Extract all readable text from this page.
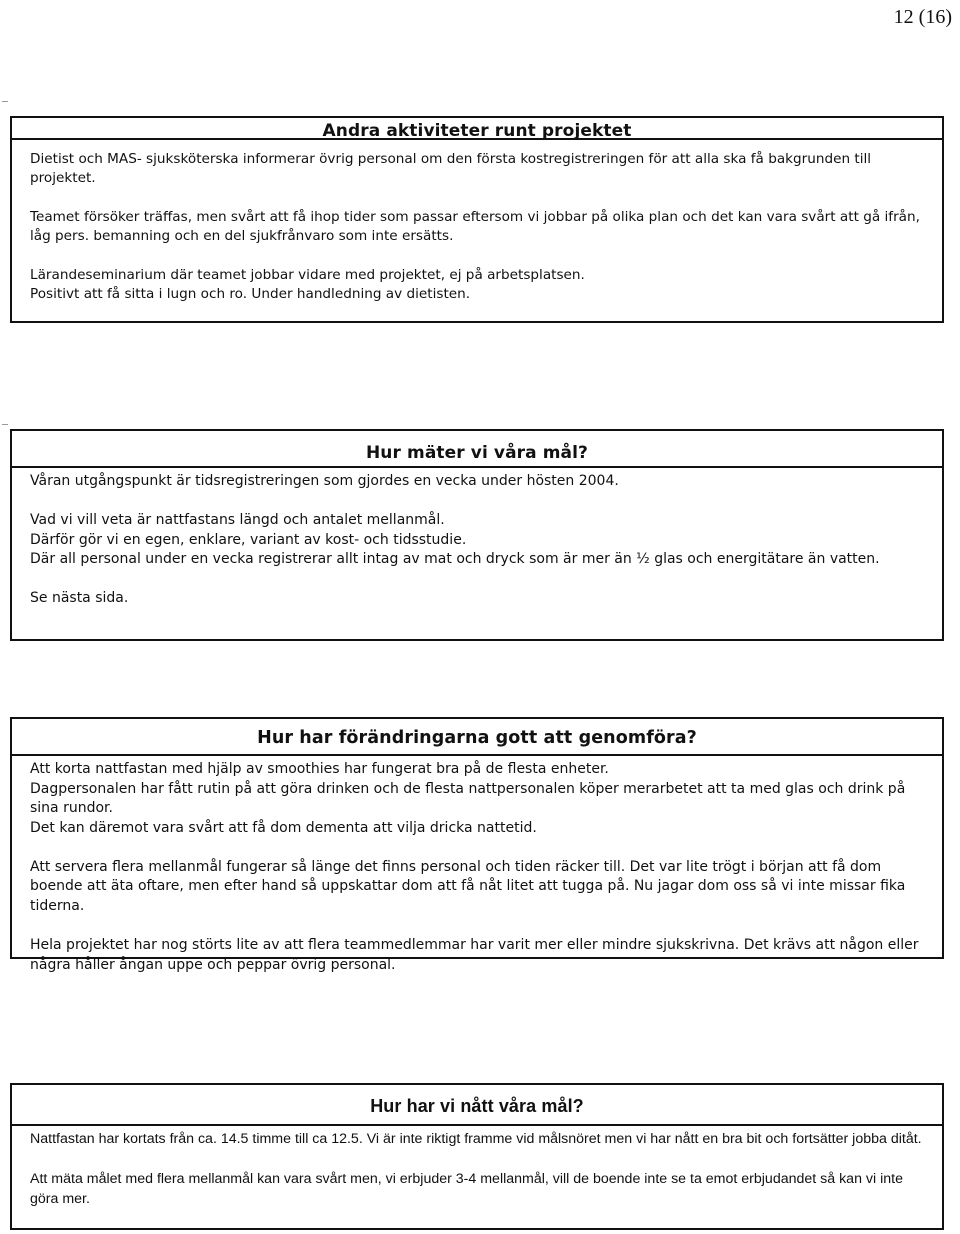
12 (16)
Andra aktiviteter runt projektet

Dietist och MAS- sjuksköterska informerar övrig personal om den första kostregistreringen för att alla ska få bakgrunden till projektet.

Teamet försöker träffas, men svårt att få ihop tider som passar eftersom vi jobbar på olika plan och det kan vara svårt att gå ifrån, låg pers. bemanning och en del sjukfrånvaro som inte ersätts.

Lärandeseminarium där teamet jobbar vidare med projektet, ej på arbetsplatsen.
Positivt att få sitta i lugn och ro. Under handledning av dietisten.

Hur mäter vi våra mål?

Våran utgångspunkt är tidsregistreringen som gjordes en vecka under hösten 2004.

Vad vi vill veta är nattfastans längd och antalet mellanmål.
Därför gör vi en egen, enklare, variant av kost- och tidsstudie.
Där all personal under en vecka registrerar allt intag av mat och dryck som är mer än ½ glas och energitätare än vatten.

Se nästa sida.

Hur har förändringarna gott att genomföra?

Att korta nattfastan med hjälp av smoothies har fungerat bra på de flesta enheter.
Dagpersonalen har fått rutin på att göra drinken och de flesta nattpersonalen köper merarbetet att ta med glas och drink på sina rundor.
Det kan däremot vara svårt att få dom dementa att vilja dricka nattetid.

Att servera flera mellanmål fungerar så länge det finns personal och tiden räcker till. Det var lite trögt i början att få dom boende att äta oftare, men efter hand så uppskattar dom att få nåt litet att tugga på. Nu jagar dom oss så vi inte missar fika tiderna.

Hela projektet har nog störts lite av att flera teammedlemmar har varit mer eller mindre sjukskrivna. Det krävs att någon eller några håller ångan uppe och peppar övrig personal.

Hur har vi nått våra mål?

Nattfastan har kortats från ca. 14.5 timme till ca 12.5. Vi är inte riktigt framme vid målsnöret men vi har nått en bra bit och fortsätter jobba ditåt.

Att mäta målet med flera mellanmål kan vara svårt men, vi erbjuder 3-4 mellanmål, vill de boende inte se ta emot erbjudandet så kan vi inte göra mer.
